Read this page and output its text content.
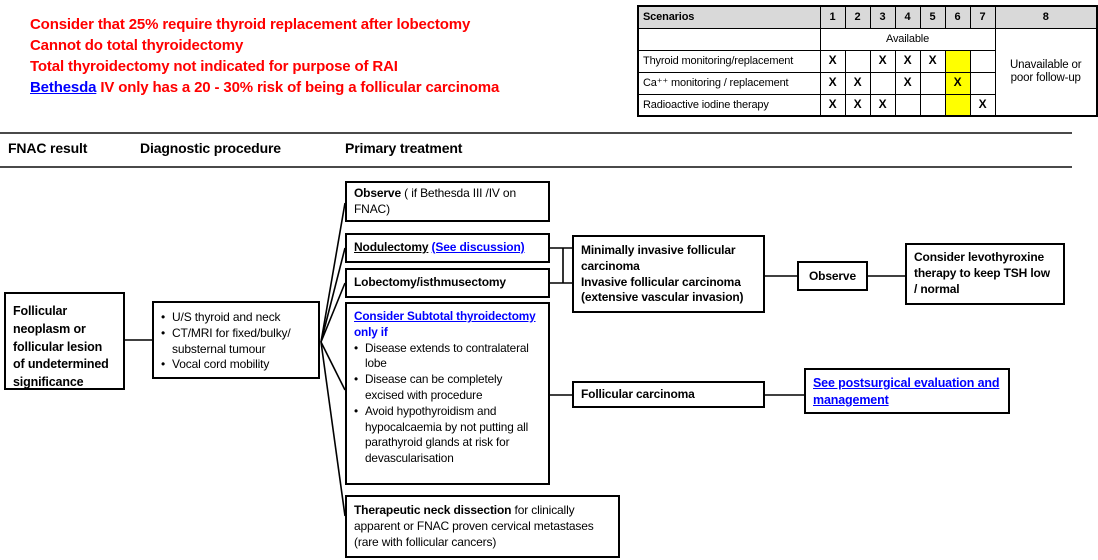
Consider that 25% require thyroid replacement after lobectomy
Cannot do total thyroidectomy
Total thyroidectomy not indicated for purpose of RAI
Bethesda IV only has a 20 - 30% risk of being a follicular carcinoma
Scenarios	1	2	3	4	5	6	7	8
	Available							Unavailable or poor follow-up
Thyroid monitoring/replacement	X		X	X	X			
Ca⁺⁺ monitoring / replacement	X	X		X		X		
Radioactive iodine therapy	X	X	X				X	
FNAC result	Diagnostic procedure	Primary treatment
Follicular neoplasm or follicular lesion of undetermined significance
• U/S thyroid and neck
• CT/MRI for fixed/bulky/ substernal tumour
• Vocal cord mobility
Observe ( if Bethesda III /IV on FNAC)
Nodulectomy (See discussion)
Lobectomy/isthmusectomy
Consider Subtotal thyroidectomy only if
• Disease extends to contralateral lobe
• Disease can be completely excised with procedure
• Avoid hypothyroidism and hypocalcaemia by not putting all parathyroid glands at risk for devascularisation
Therapeutic neck dissection for clinically apparent or FNAC proven cervical metastases (rare with follicular cancers)
Minimally invasive follicular carcinoma
Invasive follicular carcinoma (extensive vascular invasion)
Observe
Consider levothyroxine therapy to keep TSH low / normal
Follicular carcinoma
See postsurgical evaluation and management
